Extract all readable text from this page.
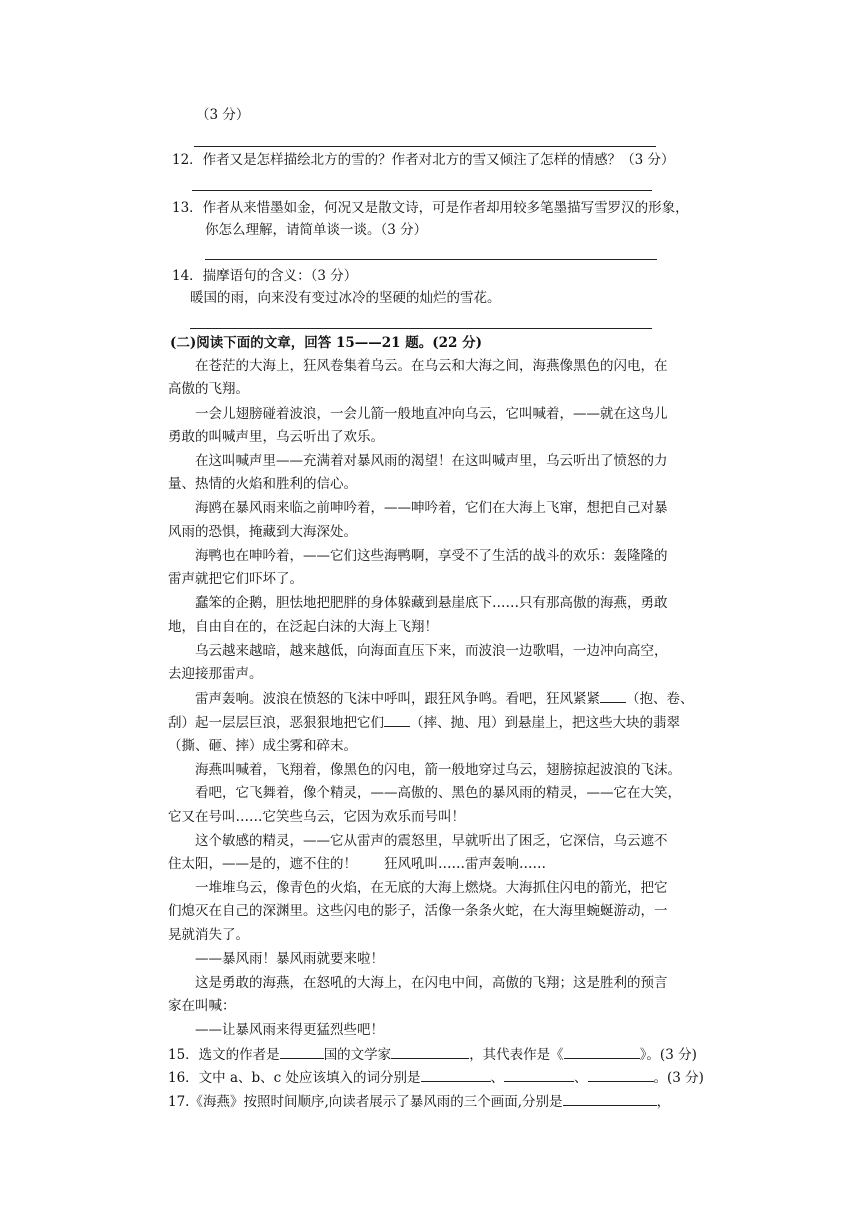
（3 分）
12．作者又是怎样描绘北方的雪的？作者对北方的雪又倾注了怎样的情感？（3 分）
13．作者从来惜墨如金，何况又是散文诗，可是作者却用较多笔墨描写雪罗汉的形象，
你怎么理解，请简单谈一谈。（3 分）
14．揣摩语句的含义：（3 分）
暖国的雨，向来没有变过冰冷的坚硬的灿烂的雪花。
(二)阅读下面的文章，回答 15——21 题。(22 分)
在苍茫的大海上，狂风卷集着乌云。在乌云和大海之间，海燕像黑色的闪电，在
高傲的飞翔。
一会儿翅膀碰着波浪，一会儿箭一般地直冲向乌云，它叫喊着，——就在这鸟儿
勇敢的叫喊声里，乌云听出了欢乐。
在这叫喊声里——充满着对暴风雨的渴望！在这叫喊声里，乌云听出了愤怒的力
量、热情的火焰和胜利的信心。
海鸥在暴风雨来临之前呻吟着，——呻吟着，它们在大海上飞窜，想把自己对暴
风雨的恐惧，掩藏到大海深处。
海鸭也在呻吟着，——它们这些海鸭啊，享受不了生活的战斗的欢乐：轰隆隆的
雷声就把它们吓坏了。
蠢笨的企鹅，胆怯地把肥胖的身体躲藏到悬崖底下……只有那高傲的海燕，勇敢
地，自由自在的，在泛起白沫的大海上飞翔！
乌云越来越暗，越来越低，向海面直压下来，而波浪一边歌唱，一边冲向高空，
去迎接那雷声。
雷声轰响。波浪在愤怒的飞沫中呼叫，跟狂风争鸣。看吧，狂风紧紧 （抱、卷、
刮）起一层层巨浪，恶狠狠地把它们 （摔、抛、甩）到悬崖上，把这些大块的翡翠
（撕、砸、摔）成尘雾和碎末。
海燕叫喊着，飞翔着，像黑色的闪电，箭一般地穿过乌云，翅膀掠起波浪的飞沫。
看吧，它飞舞着，像个精灵，——高傲的、黑色的暴风雨的精灵，——它在大笑，
它又在号叫……它笑些乌云，它因为欢乐而号叫！
这个敏感的精灵，——它从雷声的震怒里，早就听出了困乏，它深信，乌云遮不
住太阳，——是的，遮不住的！　　狂风吼叫……雷声轰响……
一堆堆乌云，像青色的火焰，在无底的大海上燃烧。大海抓住闪电的箭光，把它
们熄灭在自己的深渊里。这些闪电的影子，活像一条条火蛇，在大海里蜿蜒游动，一
晃就消失了。
——暴风雨！暴风雨就要来啦！
这是勇敢的海燕，在怒吼的大海上，在闪电中间，高傲的飞翔；这是胜利的预言
家在叫喊：
——让暴风雨来得更猛烈些吧！
15．选文的作者是	国的文学家	，其代表作是《	》。(3 分)
16．文中 a、b、c 处应该填入的词分别是	、	、	。(3 分)
17.《海燕》按照时间顺序,向读者展示了暴风雨的三个画面,分别是	，
